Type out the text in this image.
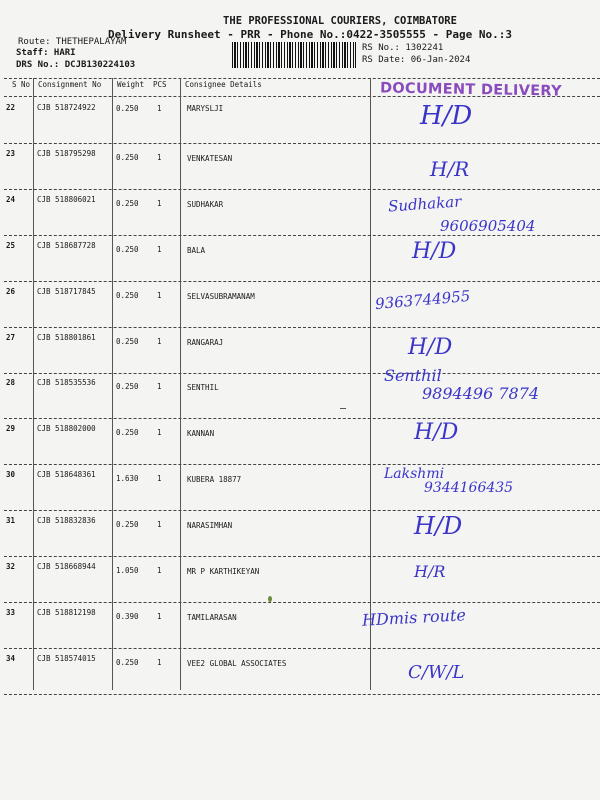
THE PROFESSIONAL COURIERS, COIMBATORE
Delivery Runsheet - PRR - Phone No.:0422-3505555 - Page No.:3
Route: THETHEPALAYAM
Staff: HARI
DRS No.: DCJB130224103
RS No.: 1302241
RS Date: 06-Jan-2024
S No Consignment No Weight PCS Consignee Details	DOCUMENT DELIVERY
22	CJB 518724922	0.250 1	MARYSLJI	H/D
23	CJB 518795298	0.250 1	VENKATESAN	H/R
24	CJB 518806021	0.250 1	SUDHAKAR	Sudhakar
9606905404
25	CJB 518687728	0.250 1	BALA	H/D
26	CJB 518717845	0.250 1	SELVASUBRAMANAM	9363744955
27	CJB 518801861	0.250 1	RANGARAJ	H/D
28	CJB 518535536	0.250 1	SENTHIL
Senthil
9894496 7874
29	CJB 518802000	0.250 1	KANNAN	H/D
30	CJB 518648361	1.630 1	KUBERA 18877	Lakshmi
9344166435
31	CJB 518832836	0.250 1	NARASIMHAN	H/D
32	CJB 518668944	1.050 1	MR P KARTHIKEYAN	H/R
33	CJB 518812198	0.390 1	TAMILARASAN	HDmis route
34	CJB 518574015	0.250 1	VEE2 GLOBAL ASSOCIATES	C/W/L
